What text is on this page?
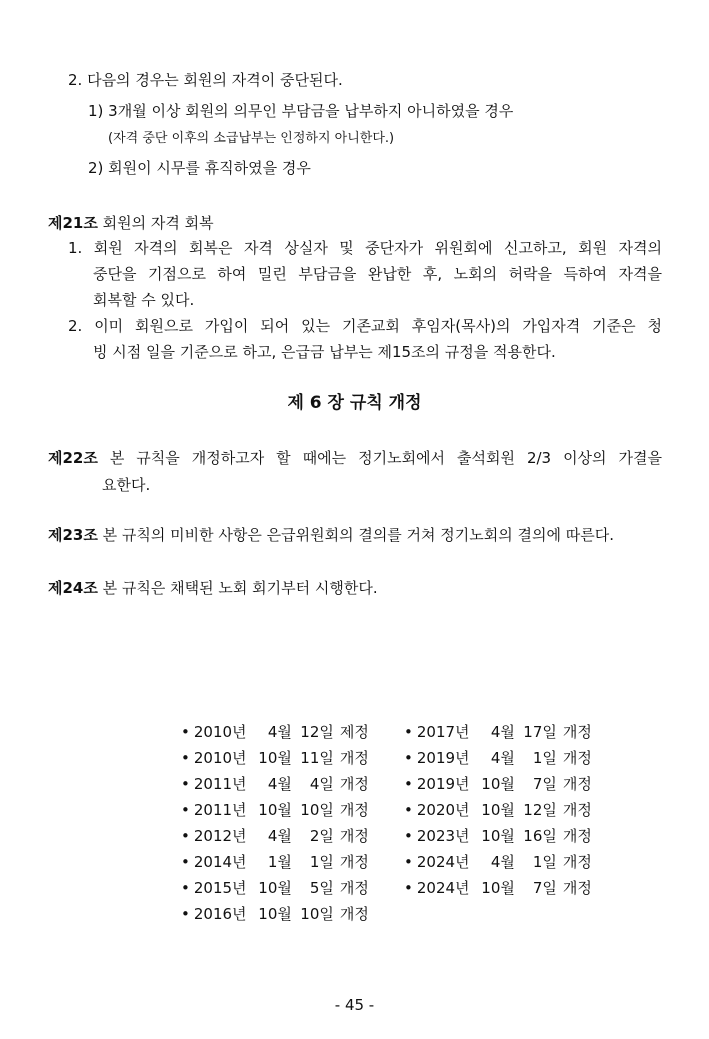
2. 다음의 경우는 회원의 자격이 중단된다.
1) 3개월 이상 회원의 의무인 부담금을 납부하지 아니하였을 경우
(자격 중단 이후의 소급납부는 인정하지 아니한다.)
2) 회원이 시무를 휴직하였을 경우
제21조 회원의 자격 회복
1. 회원 자격의 회복은 자격 상실자 및 중단자가 위원회에 신고하고, 회원 자격의
중단을 기점으로 하여 밀린 부담금을 완납한 후, 노회의 허락을 득하여 자격을
회복할 수 있다.
2. 이미 회원으로 가입이 되어 있는 기존교회 후임자(목사)의 가입자격 기준은 청
빙 시점 일을 기준으로 하고, 은급금 납부는 제15조의 규정을 적용한다.
제 6 장 규칙 개정
제22조 본 규칙을 개정하고자 할 때에는 정기노회에서 출석회원 2/3 이상의 가결을
요한다.
제23조 본 규칙의 미비한 사항은 은급위원회의 결의를 거쳐 정기노회의 결의에 따른다.
제24조 본 규칙은 채택된 노회 회기부터 시행한다.
• 2010년 4월 12일 제정
• 2010년 10월 11일 개정
• 2011년 4월 4일 개정
• 2011년 10월 10일 개정
• 2012년 4월 2일 개정
• 2014년 1월 1일 개정
• 2015년 10월 5일 개정
• 2016년 10월 10일 개정
• 2017년 4월 17일 개정
• 2019년 4월 1일 개정
• 2019년 10월 7일 개정
• 2020년 10월 12일 개정
• 2023년 10월 16일 개정
• 2024년 4월 1일 개정
• 2024년 10월 7일 개정
- 45 -
